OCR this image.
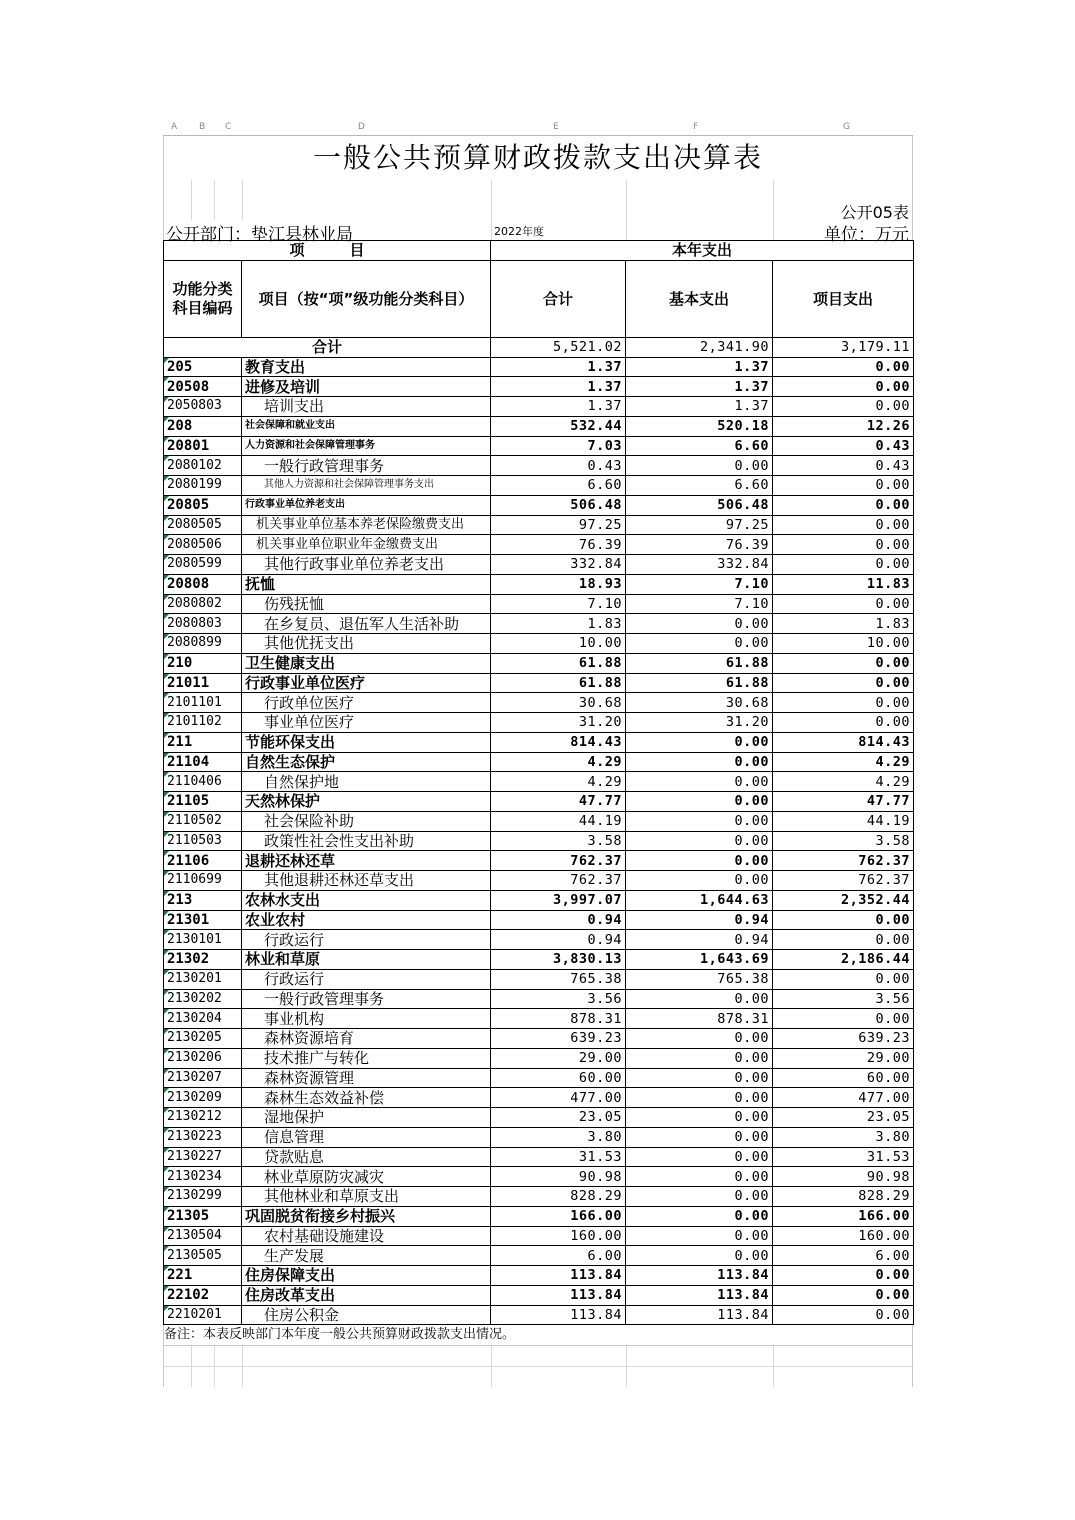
A B C	D	E	F	G
一般公共预算财政拨款支出决算表
公开05表
公开部门：垫江县林业局	2022年度	单位：万元
项　　　目		本年支出		
功能分类科目编码	项目（按“项”级功能分类科目）	合计	基本支出	项目支出
合计		5,521.02	2,341.90	3,179.11
205	教育支出	1.37	1.37	0.00
20508	进修及培训	1.37	1.37	0.00
2050803	培训支出	1.37	1.37	0.00
208	社会保障和就业支出	532.44	520.18	12.26
20801	人力资源和社会保障管理事务	7.03	6.60	0.43
2080102	一般行政管理事务	0.43	0.00	0.43
2080199	其他人力资源和社会保障管理事务支出	6.60	6.60	0.00
20805	行政事业单位养老支出	506.48	506.48	0.00
2080505	机关事业单位基本养老保险缴费支出	97.25	97.25	0.00
2080506	机关事业单位职业年金缴费支出	76.39	76.39	0.00
2080599	其他行政事业单位养老支出	332.84	332.84	0.00
20808	抚恤	18.93	7.10	11.83
2080802	伤残抚恤	7.10	7.10	0.00
2080803	在乡复员、退伍军人生活补助	1.83	0.00	1.83
2080899	其他优抚支出	10.00	0.00	10.00
210	卫生健康支出	61.88	61.88	0.00
21011	行政事业单位医疗	61.88	61.88	0.00
2101101	行政单位医疗	30.68	30.68	0.00
2101102	事业单位医疗	31.20	31.20	0.00
211	节能环保支出	814.43	0.00	814.43
21104	自然生态保护	4.29	0.00	4.29
2110406	自然保护地	4.29	0.00	4.29
21105	天然林保护	47.77	0.00	47.77
2110502	社会保险补助	44.19	0.00	44.19
2110503	政策性社会性支出补助	3.58	0.00	3.58
21106	退耕还林还草	762.37	0.00	762.37
2110699	其他退耕还林还草支出	762.37	0.00	762.37
213	农林水支出	3,997.07	1,644.63	2,352.44
21301	农业农村	0.94	0.94	0.00
2130101	行政运行	0.94	0.94	0.00
21302	林业和草原	3,830.13	1,643.69	2,186.44
2130201	行政运行	765.38	765.38	0.00
2130202	一般行政管理事务	3.56	0.00	3.56
2130204	事业机构	878.31	878.31	0.00
2130205	森林资源培育	639.23	0.00	639.23
2130206	技术推广与转化	29.00	0.00	29.00
2130207	森林资源管理	60.00	0.00	60.00
2130209	森林生态效益补偿	477.00	0.00	477.00
2130212	湿地保护	23.05	0.00	23.05
2130223	信息管理	3.80	0.00	3.80
2130227	贷款贴息	31.53	0.00	31.53
2130234	林业草原防灾减灾	90.98	0.00	90.98
2130299	其他林业和草原支出	828.29	0.00	828.29
21305	巩固脱贫衔接乡村振兴	166.00	0.00	166.00
2130504	农村基础设施建设	160.00	0.00	160.00
2130505	生产发展	6.00	0.00	6.00
221	住房保障支出	113.84	113.84	0.00
22102	住房改革支出	113.84	113.84	0.00
2210201	住房公积金	113.84	113.84	0.00
备注：本表反映部门本年度一般公共预算财政拨款支出情况。
